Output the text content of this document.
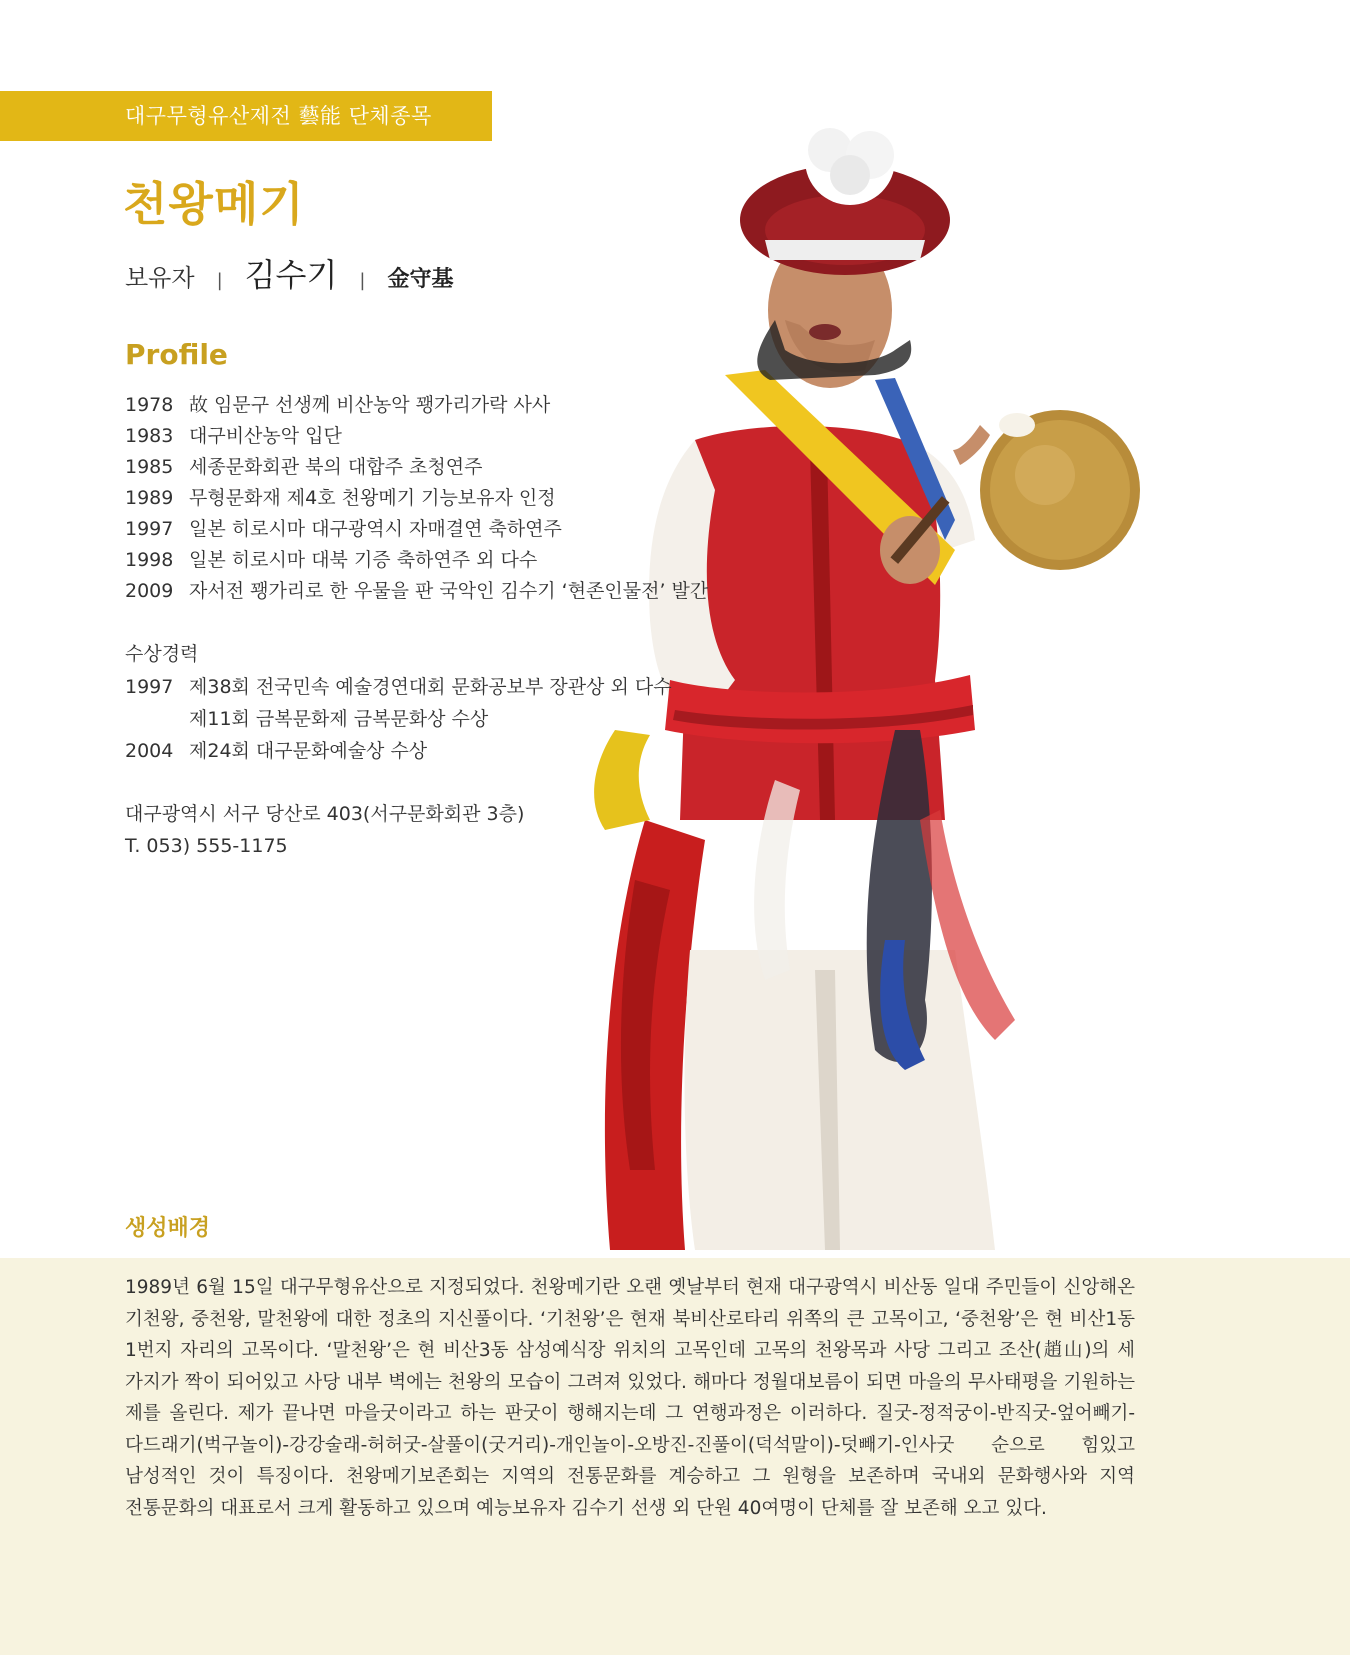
대구무형유산제전 藝能 단체종목
천왕메기
보유자 | 김수기 | 金守基
Profile
1978 故 임문구 선생께 비산농악 꽹가리가락 사사
1983 대구비산농악 입단
1985 세종문화회관 북의 대합주 초청연주
1989 무형문화재 제4호 천왕메기 기능보유자 인정
1997 일본 히로시마 대구광역시 자매결연 축하연주
1998 일본 히로시마 대북 기증 축하연주 외 다수
2009 자서전 꽹가리로 한 우물을 판 국악인 김수기 ‘현존인물전’ 발간
수상경력
1997 제38회 전국민속 예술경연대회 문화공보부 장관상 외 다수
제11회 금복문화제 금복문화상 수상
2004 제24회 대구문화예술상 수상
대구광역시 서구 당산로 403(서구문화회관 3층)
T. 053) 555-1175
생성배경
1989년 6월 15일 대구무형유산으로 지정되었다. 천왕메기란 오랜 옛날부터 현재 대구광역시 비산동 일대 주민들이 신앙해온 기천왕, 중천왕, 말천왕에 대한 정초의 지신풀이다. ‘기천왕’은 현재 북비산로타리 위쪽의 큰 고목이고, ‘중천왕’은 현 비산1동 1번지 자리의 고목이다. ‘말천왕’은 현 비산3동 삼성예식장 위치의 고목인데 고목의 천왕목과 사당 그리고 조산(趙山)의 세 가지가 짝이 되어있고 사당 내부 벽에는 천왕의 모습이 그려져 있었다. 해마다 정월대보름이 되면 마을의 무사태평을 기원하는 제를 올린다. 제가 끝나면 마을굿이라고 하는 판굿이 행해지는데 그 연행과정은 이러하다. 질굿-정적궁이-반직굿-엎어빼기-다드래기(벅구놀이)-강강술래-허허굿-살풀이(굿거리)-개인놀이-오방진-진풀이(덕석말이)-덧빼기-인사굿 순으로 힘있고 남성적인 것이 특징이다. 천왕메기보존회는 지역의 전통문화를 계승하고 그 원형을 보존하며 국내외 문화행사와 지역 전통문화의 대표로서 크게 활동하고 있으며 예능보유자 김수기 선생 외 단원 40여명이 단체를 잘 보존해 오고 있다.
